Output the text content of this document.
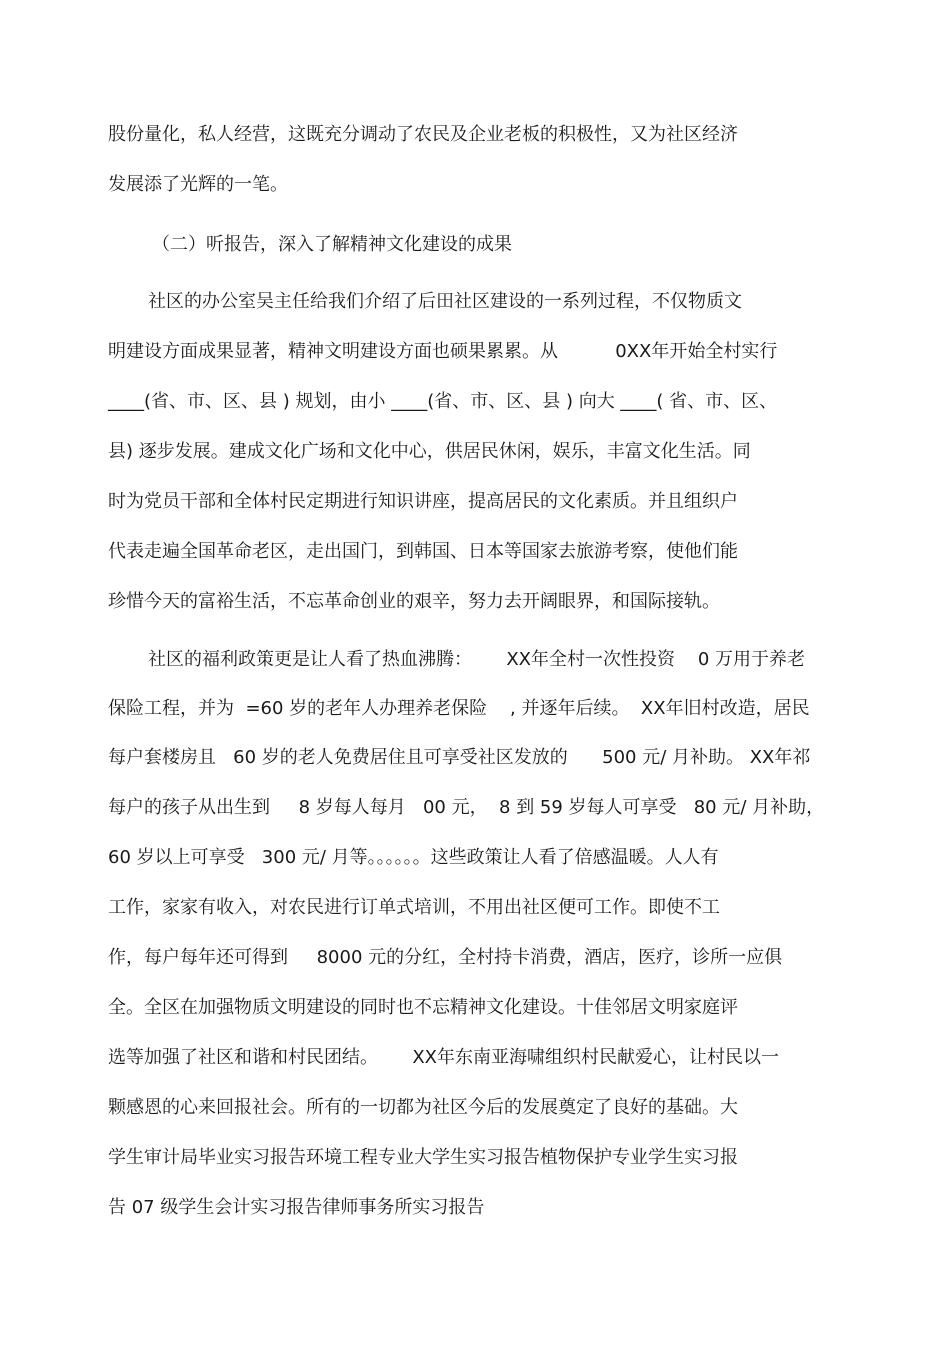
股份量化，私人经营，这既充分调动了农民及企业老板的积极性，又为社区经济
发展添了光辉的一笔。
（二）听报告，深入了解精神文化建设的成果
社区的办公室吴主任给我们介绍了后田社区建设的一系列过程，不仅物质文
明建设方面成果显著，精神文明建设方面也硕果累累。从          0XX年开始全村实行
____(省、市、区、县 ) 规划，由小 ____(省、市、区、县 ) 向大 ____( 省、市、区、
县) 逐步发展。建成文化广场和文化中心，供居民休闲，娱乐，丰富文化生活。同
时为党员干部和全体村民定期进行知识讲座，提高居民的文化素质。并且组织户
代表走遍全国革命老区，走出国门，到韩国、日本等国家去旅游考察，使他们能
珍惜今天的富裕生活，不忘革命创业的艰辛，努力去开阔眼界，和国际接轨。
社区的福利政策更是让人看了热血沸腾：      XX年全村一次性投资    0 万用于养老
保险工程，并为  =60 岁的老年人办理养老保险    , 并逐年后续。  XX年旧村改造，居民
每户套楼房且   60 岁的老人免费居住且可享受社区发放的      500 元/ 月补助。 XX年祁
每户的孩子从出生到     8 岁每人每月   00 元，  8 到 59 岁每人可享受   80 元/ 月补助，
60 岁以上可享受   300 元/ 月等。。。。。。这些政策让人看了倍感温暖。人人有
工作，家家有收入，对农民进行订单式培训，不用出社区便可工作。即使不工
作，每户每年还可得到     8000 元的分红，全村持卡消费，酒店，医疗，诊所一应俱
全。全区在加强物质文明建设的同时也不忘精神文化建设。十佳邻居文明家庭评
选等加强了社区和谐和村民团结。      XX年东南亚海啸组织村民献爱心，让村民以一
颗感恩的心来回报社会。所有的一切都为社区今后的发展奠定了良好的基础。大
学生审计局毕业实习报告环境工程专业大学生实习报告植物保护专业学生实习报
告 07 级学生会计实习报告律师事务所实习报告
